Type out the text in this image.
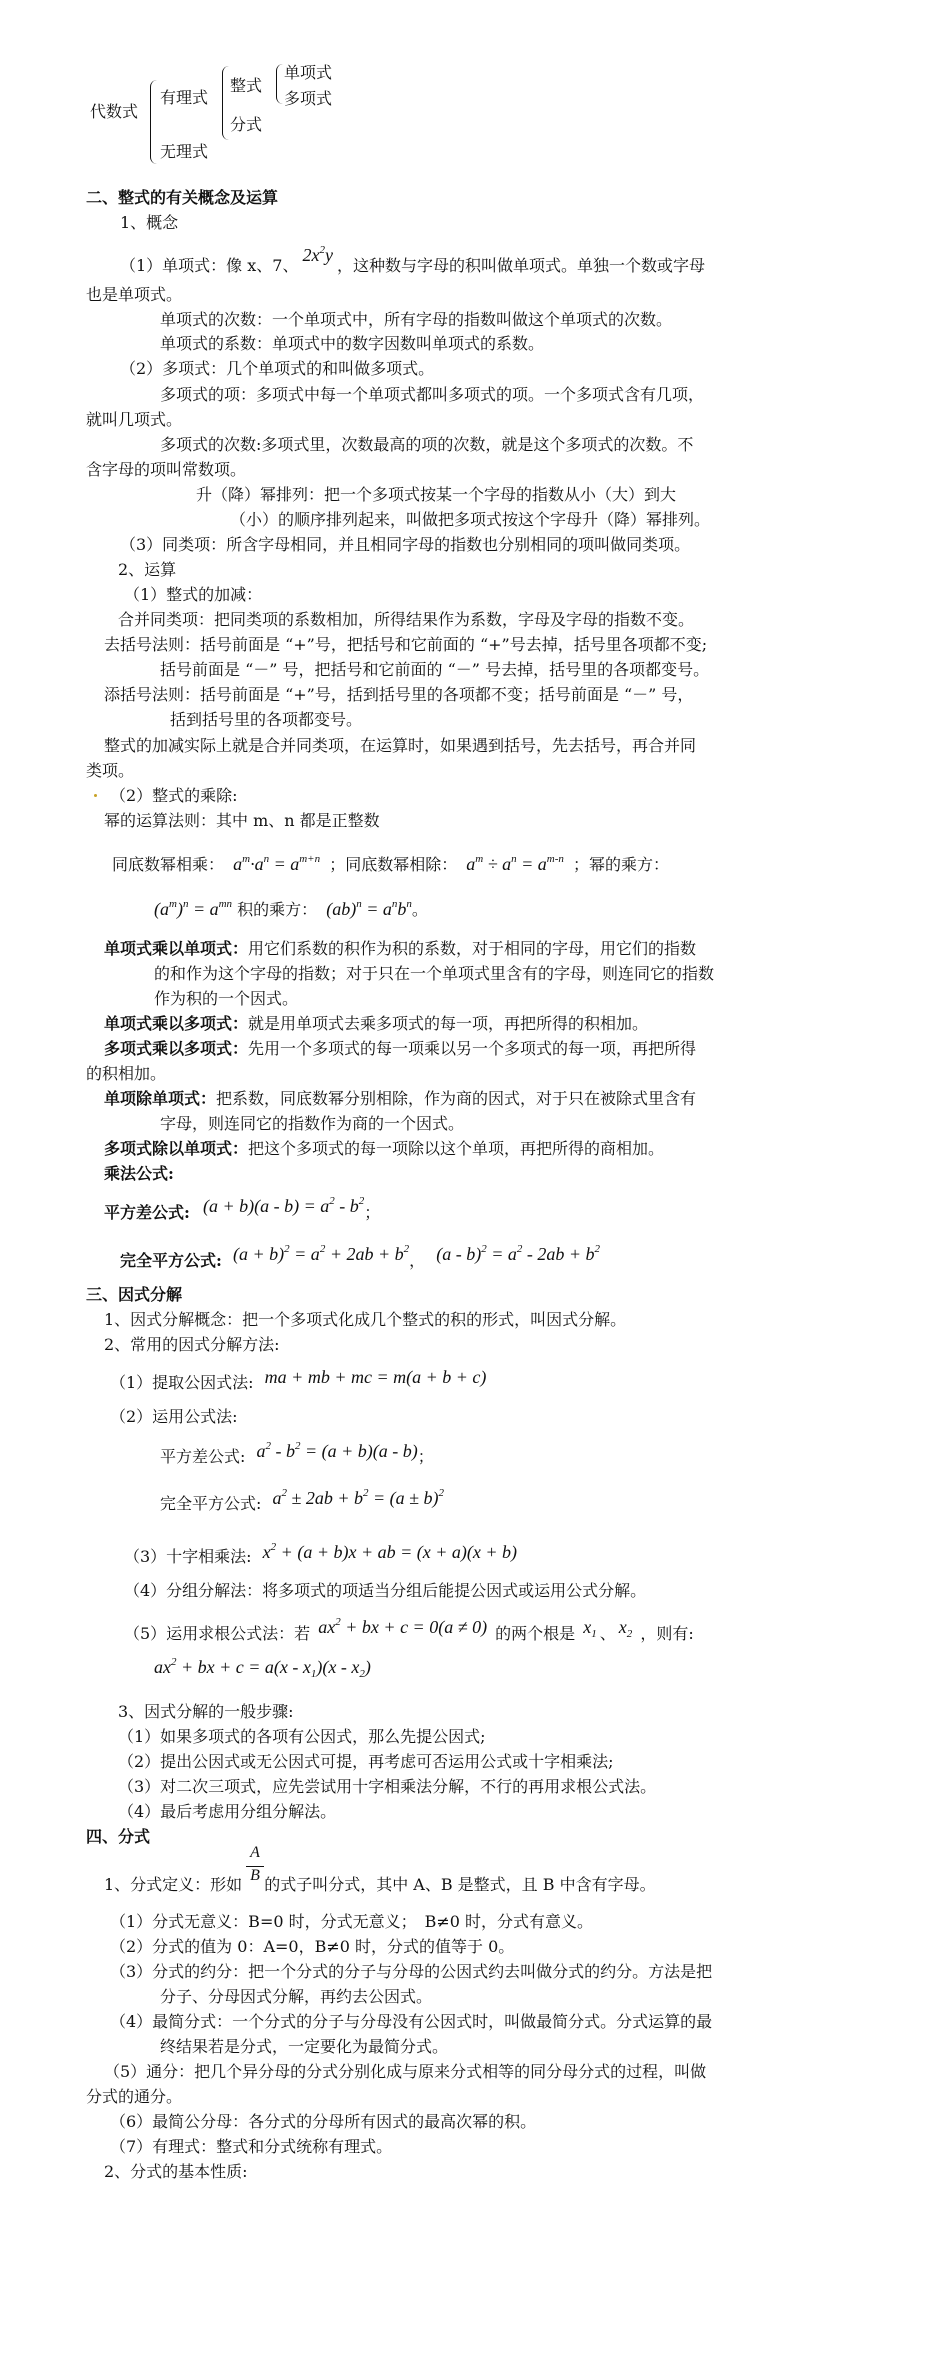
代数式
有理式
整式
单项式
多项式
分式
无理式
二、整式的有关概念及运算
1、概念
（1）单项式：像 x、7、$2x^2y$，这种数与字母的积叫做单项式。单独一个数或字母
也是单项式。
单项式的次数：一个单项式中，所有字母的指数叫做这个单项式的次数。
单项式的系数：单项式中的数字因数叫单项式的系数。
（2）多项式：几个单项式的和叫做多项式。
多项式的项：多项式中每一个单项式都叫多项式的项。一个多项式含有几项，
就叫几项式。
多项式的次数:多项式里，次数最高的项的次数，就是这个多项式的次数。不
含字母的项叫常数项。
升（降）幂排列：把一个多项式按某一个字母的指数从小（大）到大
（小）的顺序排列起来，叫做把多项式按这个字母升（降）幂排列。
（3）同类项：所含字母相同，并且相同字母的指数也分别相同的项叫做同类项。
2、运算
（1）整式的加减：
合并同类项：把同类项的系数相加，所得结果作为系数，字母及字母的指数不变。
去括号法则：括号前面是 “+”号，把括号和它前面的 “+”号去掉，括号里各项都不变;
括号前面是 “－” 号，把括号和它前面的 “－” 号去掉，括号里的各项都变号。
添括号法则：括号前面是 “+”号，括到括号里的各项都不变；括号前面是 “－” 号，
括到括号里的各项都变号。
整式的加减实际上就是合并同类项，在运算时，如果遇到括号，先去括号，再合并同
类项。
（2）整式的乘除:
幂的运算法则：其中 m、n 都是正整数
同底数幂相乘： $a^m\cdot a^n = a^{m+n}$ ；同底数幂相除： $a^m \div a^n = a^{m-n}$ ；幂的乘方：
$(a^m)^n = a^{mn}$ 积的乘方： $(ab)^n = a^nb^n$。
单项式乘以单项式：用它们系数的积作为积的系数，对于相同的字母，用它们的指数
的和作为这个字母的指数；对于只在一个单项式里含有的字母，则连同它的指数
作为积的一个因式。
单项式乘以多项式：就是用单项式去乘多项式的每一项，再把所得的积相加。
多项式乘以多项式：先用一个多项式的每一项乘以另一个多项式的每一项，再把所得
的积相加。
单项除单项式：把系数，同底数幂分别相除，作为商的因式，对于只在被除式里含有
字母，则连同它的指数作为商的一个因式。
多项式除以单项式：把这个多项式的每一项除以这个单项，再把所得的商相加。
乘法公式:
平方差公式: $(a + b)(a - b) = a^2 - b^2$；
完全平方公式: $(a + b)^2 = a^2 + 2ab + b^2$， $(a - b)^2 = a^2 - 2ab + b^2$
三、因式分解
1、因式分解概念：把一个多项式化成几个整式的积的形式，叫因式分解。
2、常用的因式分解方法:
（1）提取公因式法: ma + mb + mc = m(a + b + c)
（2）运用公式法:
平方差公式: $a^2 - b^2 = (a + b)(a - b)$；
完全平方公式: $a^2 \pm 2ab + b^2 = (a \pm b)^2$
（3）十字相乘法: $x^2 + (a + b)x$ + ab = (x + a)(x + b)
（4）分组分解法：将多项式的项适当分组后能提公因式或运用公式分解。
（5）运用求根公式法：若 $ax^2$ + bx + c = 0(a ≠ 0) 的两个根是 $x_1$ 、 $x_2$ ，则有:
$ax^2$ + bx + $c = a(x - x_1)(x - x_2)$
3、因式分解的一般步骤:
（1）如果多项式的各项有公因式，那么先提公因式;
（2）提出公因式或无公因式可提，再考虑可否运用公式或十字相乘法;
（3）对二次三项式，应先尝试用十字相乘法分解，不行的再用求根公式法。
（4）最后考虑用分组分解法。
四、分式
A
B
1、分式定义：形如 的式子叫分式，其中 A、B 是整式，且 B 中含有字母。
（1）分式无意义：B=0 时，分式无意义；　B≠0 时，分式有意义。
（2）分式的值为 0：A=0，B≠0 时，分式的值等于 0。
（3）分式的约分：把一个分式的分子与分母的公因式约去叫做分式的约分。方法是把
分子、分母因式分解，再约去公因式。
（4）最简分式：一个分式的分子与分母没有公因式时，叫做最简分式。分式运算的最
终结果若是分式，一定要化为最简分式。
（5）通分：把几个异分母的分式分别化成与原来分式相等的同分母分式的过程，叫做
分式的通分。
（6）最简公分母：各分式的分母所有因式的最高次幂的积。
（7）有理式：整式和分式统称有理式。
2、分式的基本性质:
